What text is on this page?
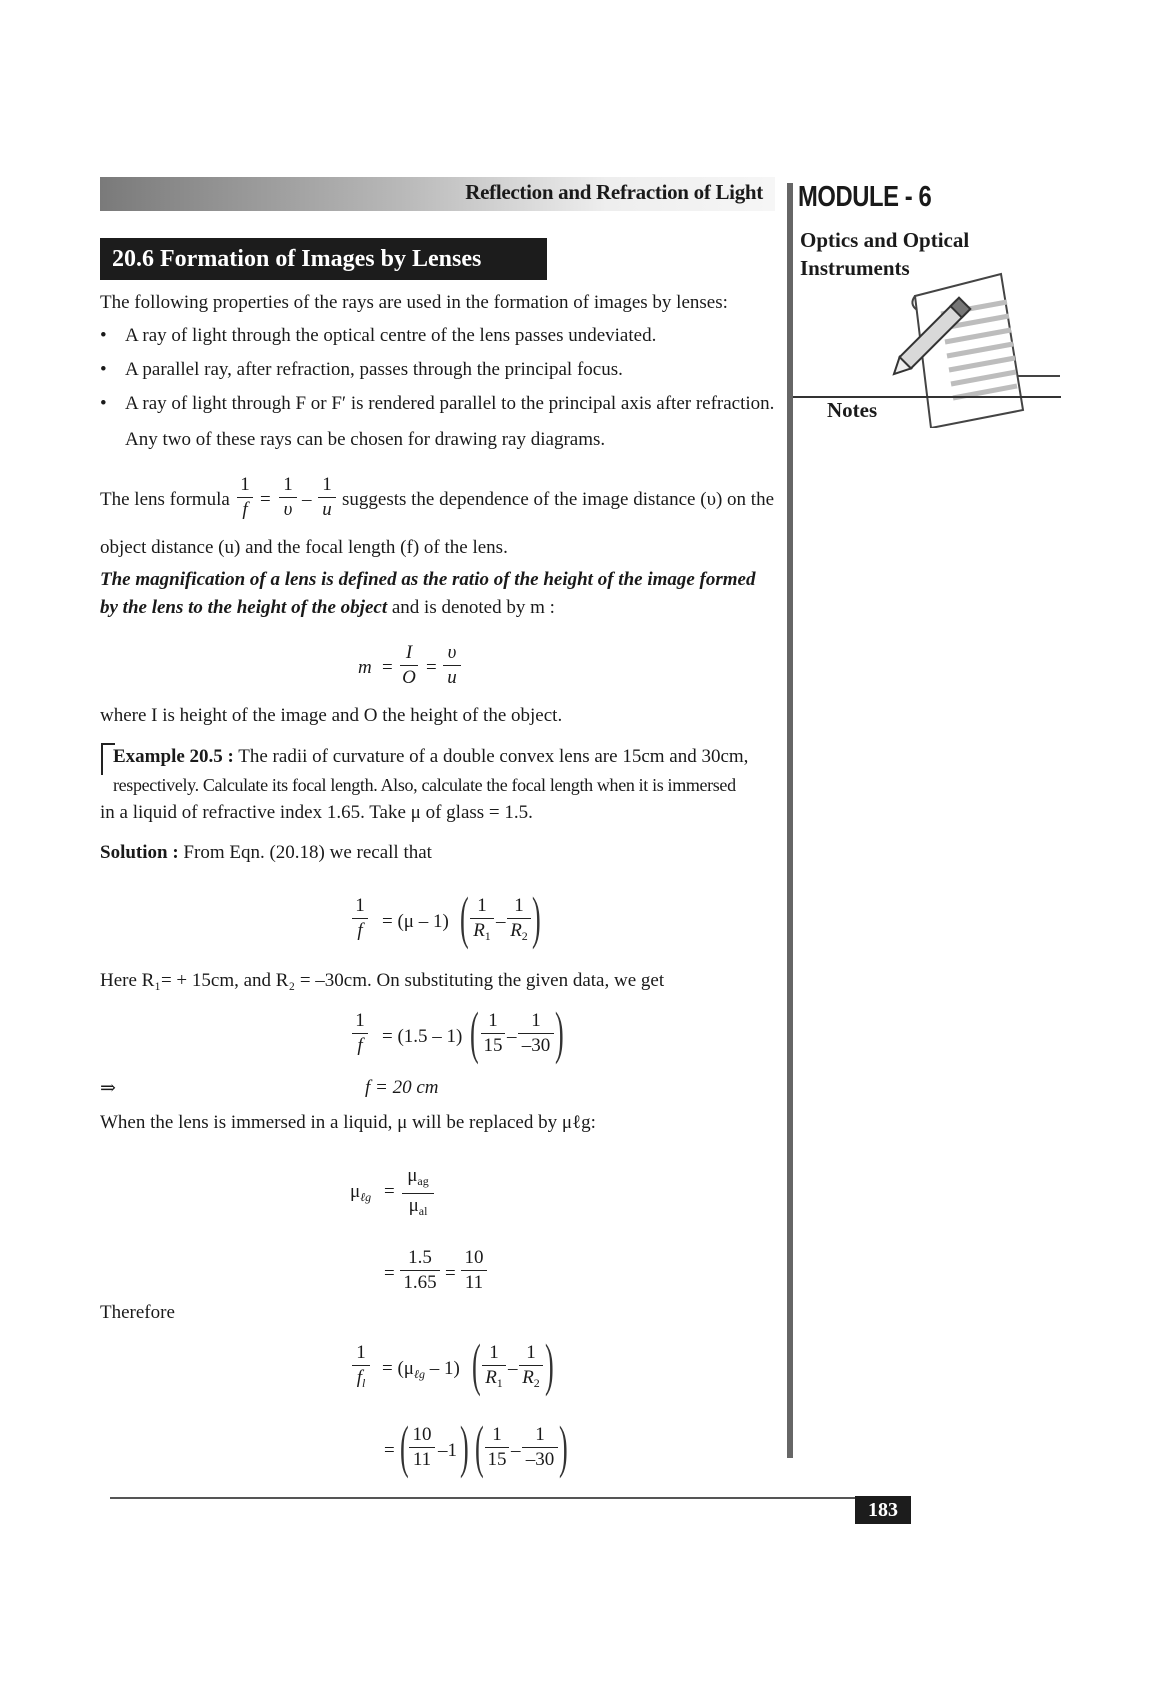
Reflection and Refraction of Light MODULE - 6
Optics and Optical Instruments
Notes
20.6 Formation of Images by Lenses
The following properties of the rays are used in the formation of images by lenses:
• A ray of light through the optical centre of the lens passes undeviated.
• A parallel ray, after refraction, passes through the principal focus.
• A ray of light through F or F′ is rendered parallel to the principal axis after refraction.
Any two of these rays can be chosen for drawing ray diagrams.
The lens formula
1
f =
1
υ –
1
u suggests the dependence of the image distance (υ) on the
object distance (u) and the focal length (f) of the lens.
The magnification of a lens is defined as the ratio of the height of the image formed
by the lens to the height of the object and is denoted by m :
m =
I
O =
υ
u
where I is height of the image and O the height of the object.
Example 20.5 : The radii of curvature of a double convex lens are 15cm and 30cm,
respectively. Calculate its focal length. Also, calculate the focal length when it is immersed
in a liquid of refractive index 1.65. Take μ of glass = 1.5.
Solution : From Eqn. (20.18) we recall that
1
f = (μ – 1) ( 1
$R_1$
–
1
$R_2$ )
Here R₁= + 15cm, and R₂ = –30cm. On substituting the given data, we get
1
f = (1.5 – 1) ( 1
15 –
1
–30 )
⇒	f = 20 cm
When the lens is immersed in a liquid, μ will be replaced by μℓg:
$\mu_{\ell g}$ =
$\mu_{ag}$
$\mu_{al}$
=
1.5
1.65 =
10
11
Therefore
1
$f_l$
= $(\mu_{\ell g} - 1)$ ( 1
$R_1$
–
1
$R_2$ )
= ( 10
11 –1 ) ( 1
15 –
1
–30 )
183
